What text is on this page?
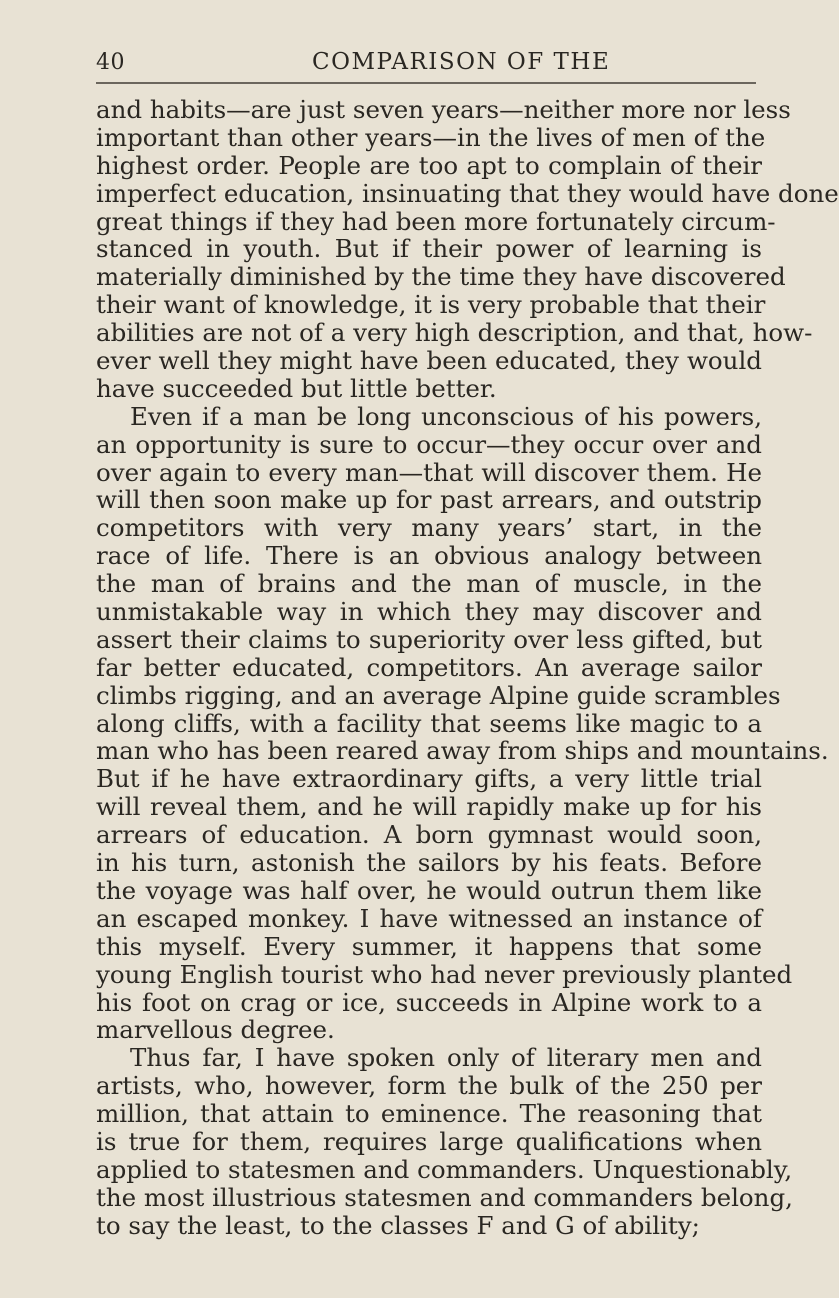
40	COMPARISON OF THE
and habits—are just seven years—neither more nor less
important than other years—in the lives of men of the
highest order. People are too apt to complain of their
imperfect education, insinuating that they would have done
great things if they had been more fortunately circum-
stanced in youth. But if their power of learning is
materially diminished by the time they have discovered
their want of knowledge, it is very probable that their
abilities are not of a very high description, and that, how-
ever well they might have been educated, they would
have succeeded but little better.
Even if a man be long unconscious of his powers,
an opportunity is sure to occur—they occur over and
over again to every man—that will discover them. He
will then soon make up for past arrears, and outstrip
competitors with very many years’ start, in the
race of life. There is an obvious analogy between
the man of brains and the man of muscle, in the
unmistakable way in which they may discover and
assert their claims to superiority over less gifted, but
far better educated, competitors. An average sailor
climbs rigging, and an average Alpine guide scrambles
along cliffs, with a facility that seems like magic to a
man who has been reared away from ships and mountains.
But if he have extraordinary gifts, a very little trial
will reveal them, and he will rapidly make up for his
arrears of education. A born gymnast would soon,
in his turn, astonish the sailors by his feats. Before
the voyage was half over, he would outrun them like
an escaped monkey. I have witnessed an instance of
this myself. Every summer, it happens that some
young English tourist who had never previously planted
his foot on crag or ice, succeeds in Alpine work to a
marvellous degree.
Thus far, I have spoken only of literary men and
artists, who, however, form the bulk of the 250 per
million, that attain to eminence. The reasoning that
is true for them, requires large qualifications when
applied to statesmen and commanders. Unquestionably,
the most illustrious statesmen and commanders belong,
to say the least, to the classes F and G of ability;
